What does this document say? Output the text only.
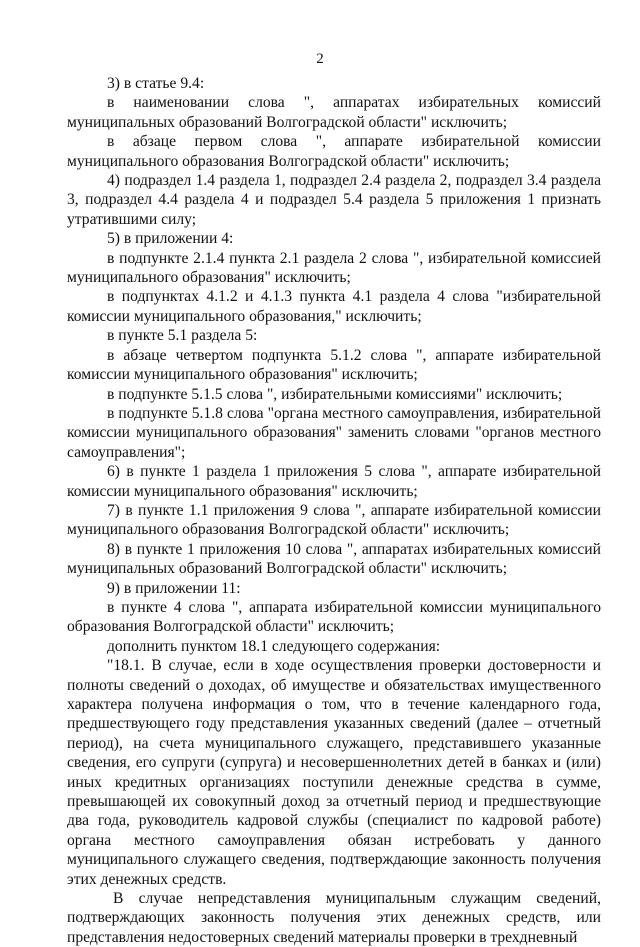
2

3) в статье 9.4:

в наименовании слова ", аппаратах избирательных комиссий муниципальных образований Волгоградской области" исключить;

в абзаце первом слова ", аппарате избирательной комиссии муниципального образования Волгоградской области" исключить;

4) подраздел 1.4 раздела 1, подраздел 2.4 раздела 2, подраздел 3.4 раздела 3, подраздел 4.4 раздела 4 и подраздел 5.4 раздела 5 приложения 1 признать утратившими силу;

5) в приложении 4:

в подпункте 2.1.4 пункта 2.1 раздела 2 слова ", избирательной комиссией муниципального образования" исключить;

в подпунктах 4.1.2 и 4.1.3 пункта 4.1 раздела 4 слова "избирательной комиссии муниципального образования," исключить;

в пункте 5.1 раздела 5:

в абзаце четвертом подпункта 5.1.2 слова ", аппарате избирательной комиссии муниципального образования" исключить;

в подпункте 5.1.5 слова ", избирательными комиссиями" исключить;

в подпункте 5.1.8 слова "органа местного самоуправления, избирательной комиссии муниципального образования" заменить словами "органов местного самоуправления";

6) в пункте 1 раздела 1 приложения 5 слова ", аппарате избирательной комиссии муниципального образования" исключить;

7) в пункте 1.1 приложения 9 слова ", аппарате избирательной комиссии муниципального образования Волгоградской области" исключить;

8) в пункте 1 приложения 10 слова ", аппаратах избирательных комиссий муниципальных образований Волгоградской области" исключить;

9) в приложении 11:

в пункте 4 слова ", аппарата избирательной комиссии муниципального образования Волгоградской области" исключить;

дополнить пунктом 18.1 следующего содержания:

"18.1. В случае, если в ходе осуществления проверки достоверности и полноты сведений о доходах, об имуществе и обязательствах имущественного характера получена информация о том, что в течение календарного года, предшествующего году представления указанных сведений (далее – отчетный период), на счета муниципального служащего, представившего указанные сведения, его супруги (супруга) и несовершеннолетних детей в банках и (или) иных кредитных организациях поступили денежные средства в сумме, превышающей их совокупный доход за отчетный период и предшествующие два года, руководитель кадровой службы (специалист по кадровой работе) органа местного самоуправления обязан истребовать у данного муниципального служащего сведения, подтверждающие законность получения этих денежных средств.

В случае непредставления муниципальным служащим сведений, подтверждающих законность получения этих денежных средств, или представления недостоверных сведений материалы проверки в трехдневный
